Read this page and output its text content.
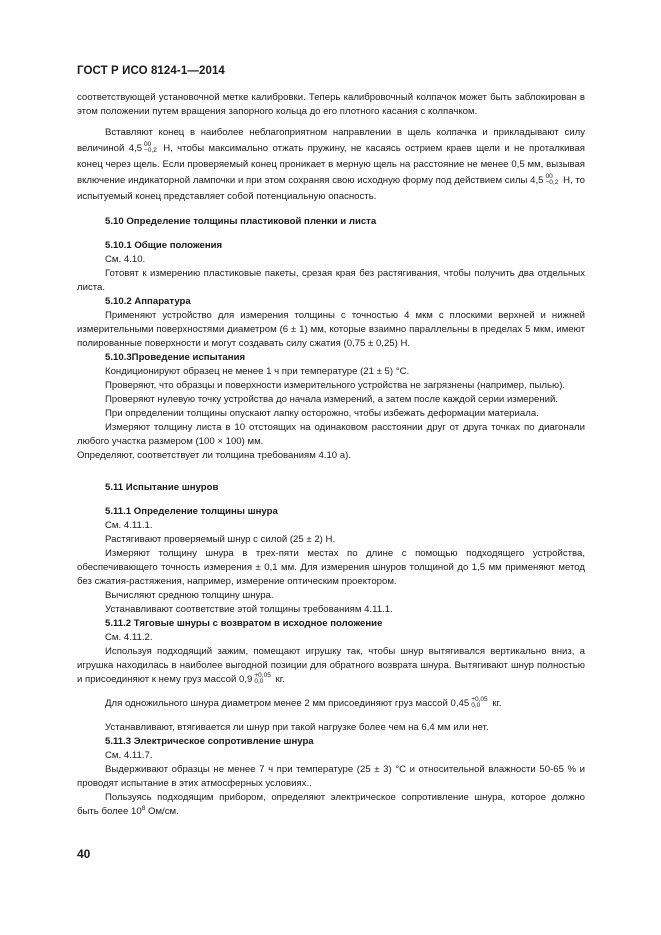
ГОСТ Р ИСО 8124-1—2014

соответствующей установочной метке калибровки. Теперь калибровочный колпачок может быть заблокирован в этом положении путем вращения запорного кольца до его плотного касания с колпачком.

Вставляют конец в наиболее неблагоприятном направлении в щель колпачка и прикладывают силу величиной 4,5 00
−0,2 Н, чтобы максимально отжать пружину, не касаясь острием краев щели и не проталкивая конец через щель. Если проверяемый конец проникает в мерную щель на расстояние не менее 0,5 мм, вызывая включение индикаторной лампочки и при этом сохраняя свою исходную форму под действием силы 4,5 00
−0,2 Н, то испытуемый конец представляет собой потенциальную опасность.

5.10 Определение толщины пластиковой пленки и листа

5.10.1 Общие положения

См. 4.10.

Готовят к измерению пластиковые пакеты, срезая края без растягивания, чтобы получить два отдельных листа.

5.10.2 Аппаратура

Применяют устройство для измерения толщины с точностью 4 мкм с плоскими верхней и нижней измерительными поверхностями диаметром (6 ± 1) мм, которые взаимно параллельны в пределах 5 мкм, имеют полированные поверхности и могут создавать силу сжатия (0,75 ± 0,25) Н.

5.10.3Проведение испытания

Кондиционируют образец не менее 1 ч при температуре (21 ± 5) °С.

Проверяют, что образцы и поверхности измерительного устройства не загрязнены (например, пылью).

Проверяют нулевую точку устройства до начала измерений, а затем после каждой серии измерений.

При определении толщины опускают лапку осторожно, чтобы избежать деформации материала.

Измеряют толщину листа в 10 отстоящих на одинаковом расстоянии друг от друга точках по диагонали любого участка размером (100 × 100) мм.

Определяют, соответствует ли толщина требованиям 4.10 а).

5.11 Испытание шнуров

5.11.1 Определение толщины шнура

См. 4.11.1.

Растягивают проверяемый шнур с силой (25 ± 2) Н.

Измеряют толщину шнура в трех-пяти местах по длине с помощью подходящего устройства, обеспечивающего точность измерения ± 0,1 мм. Для измерения шнуров толщиной до 1,5 мм применяют метод без сжатия-растяжения, например, измерение оптическим проектором.

Вычисляют среднюю толщину шнура.

Устанавливают соответствие этой толщины требованиям 4.11.1.

5.11.2 Тяговые шнуры с возвратом в исходное положение

См. 4.11.2.

Используя подходящий зажим, помещают игрушку так, чтобы шнур вытягивался вертикально вниз, а игрушка находилась в наиболее выгодной позиции для обратного возврата шнура. Вытягивают шнур полностью и присоединяют к нему груз массой 0,9 +0,05
0,0	кг.

Для одножильного шнура диаметром менее 2 мм присоединяют груз массой 0,45 +0,05
0,0	кг.

Устанавливают, втягивается ли шнур при такой нагрузке более чем на 6,4 мм или нет.

5.11.3 Электрическое сопротивление шнура

См. 4.11.7.

Выдерживают образцы не менее 7 ч при температуре (25 ± 3) °С и относительной влажности 50-65 % и проводят испытание в этих атмосферных условиях..

Пользуясь подходящим прибором, определяют электрическое сопротивление шнура, которое должно быть более $10^8$ Ом/см.

40
